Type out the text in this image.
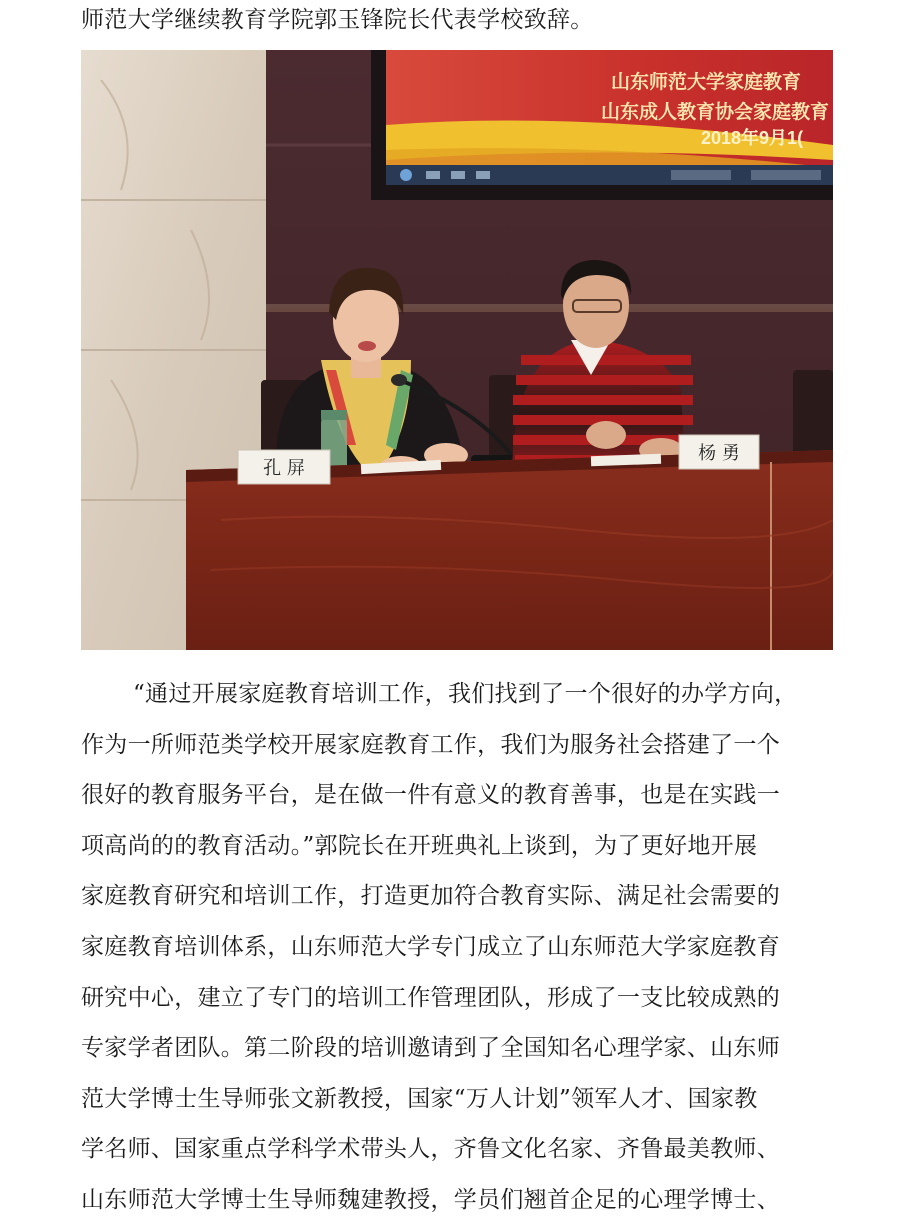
师范大学继续教育学院郭玉锋院长代表学校致辞。
山东师范大学家庭教育
山东成人教育协会家庭教育
2018年9月1(
孔 屏
杨 勇
“通过开展家庭教育培训工作，我们找到了一个很好的办学方向，
作为一所师范类学校开展家庭教育工作，我们为服务社会搭建了一个
很好的教育服务平台，是在做一件有意义的教育善事，也是在实践一
项高尚的的教育活动。”郭院长在开班典礼上谈到，为了更好地开展
家庭教育研究和培训工作，打造更加符合教育实际、满足社会需要的
家庭教育培训体系，山东师范大学专门成立了山东师范大学家庭教育
研究中心，建立了专门的培训工作管理团队，形成了一支比较成熟的
专家学者团队。第二阶段的培训邀请到了全国知名心理学家、山东师
范大学博士生导师张文新教授，国家“万人计划”领军人才、国家教
学名师、国家重点学科学术带头人，齐鲁文化名家、齐鲁最美教师、
山东师范大学博士生导师魏建教授，学员们翘首企足的心理学博士、
